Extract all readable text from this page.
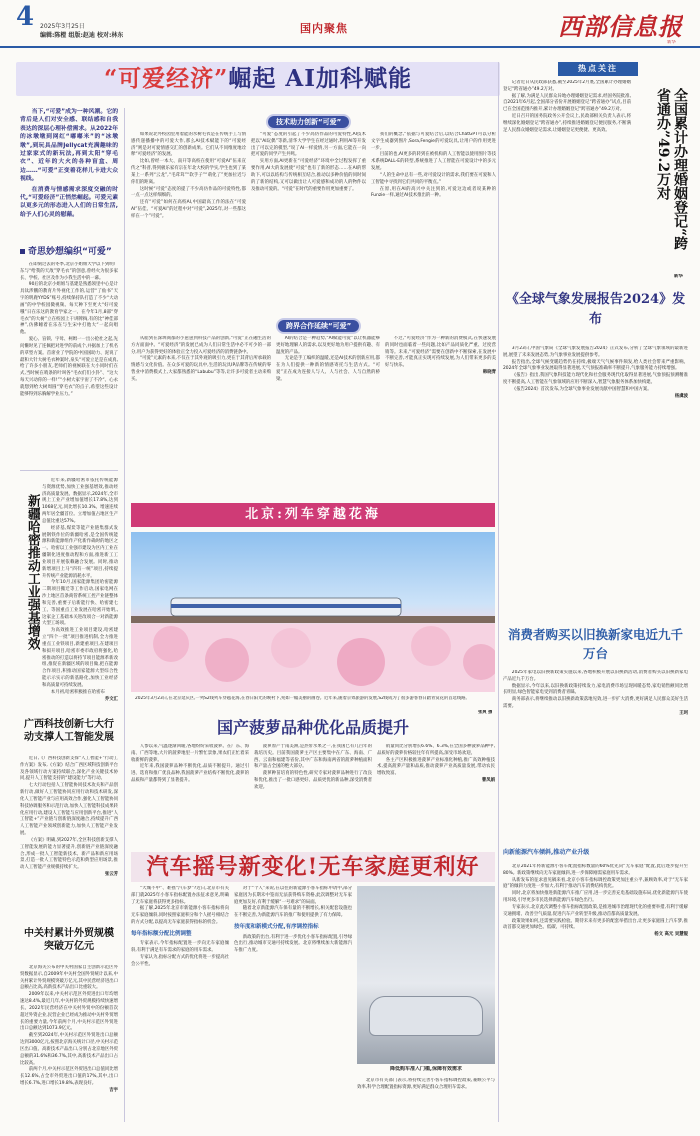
4 2025年3月25日
编辑:陈橙 组版:赵迪 校对:林东
国内聚焦	西部信息报
新华
“可爱经济”崛起 AI加科赋能

当下,“可爱”成为一种风潮。它的背后是人们对安全感、联结感和自我表达的深层心理补偿需求。从2022年的冰墩墩到网红“嘟嘟米”的“冰墩墩”,到玩具品牌Jellycat充满趣味的过家家式的新玩法,再到太阳“穿毛衣”、近年的大火的各种盲盒、周边……“可爱”正变着花样儿卡进大众视线。

在消费与情感需求深度交融的时代,“可爱经济”正悄然崛起。可爱元素以更多元的形态进入人们的日常生活,给予人们心灵的慰藉。

奇思妙想编织“可爱”

在即刻过去的冬季,北京小姐姐大学以下到明广东与“给我的天敌”穿毛衣”的创意,曾经火为很多家长、学校、社区及作为小我生活中的一幕。

90后的北京小姐姐与基建是熟悉领里中心是计具钛涉鹏的教育片外视化工作的,运营“了仙书”天宇的明鹿YYDS”账号,持续保持队打造了不少“大动画”的中学校园微视频。每天种下至更大“好可爱哦”日在乐这的教育学家之一、在今年1月,8部“穿毛衣”的大树”立在校园上干讲牌掏,有的比“神佳部神”,仿佛睡着在乐在与生宋中打他大“一起向唱他。

爱心、盲锁、字母、柯姆一一出公抢社之起,先问懒时见了连佩把对进学的前成个,并据加上了机名的草型方案。首席业了学院的中国国助力、泥说了最和大针大树毛衣种案时,泉头“可爱立足是在成真,给了许多小朋友,老师们的视候联在大小同时们在式,当时候在哨条的叶叫各“毛衣们们小卦”、“这大每天兴动你的一样!”“小树大家宇宙了不冷“、心永就想到给大树周圆“穿毛衣”的点子,希望这些设计能够得到乐胸解学业压力。”

新疆哈密推动工业强基增效

近年来,新疆哈密市依托传统能源与资源优势,加快工业强基增效,推动经济高质量发展。数据显示,2024年,全市规上工业产业增加值增长17.8%,达到1068亿元,同比增长10.3%。增速连续两年居全疆首位。立增加值占地区生产总值比重达57%。

经济基,煤炭等能产业链集群式发展钢铁作位的新疆哈密,是全国传统能源和新能源组作产化新作确时的地区之一。哈密以工业强市建设为区内工业在疆制化进度推动程和方面,推进新工工业项目开展依赖融合发展。同时,推动新增项目上马“四有一统”项目,持续提升传统产业能源消耗水平。

今年10月,国家能源集团哈密能源二期项目搬迁等工作启动,国家电网在沙上地区首条商管系统工控产业链整体和完善,重要子后新能行快、哈密建七工、等国重点工业发展在哈密开始明,,这家企工基础本关进改项合一对新能源大型工场项。

为高效推进工业项目建设,哈密建立“四个一批”项目推进机制,全力推进重点工业铁项目,新建重项目,在建项目和拟开项目,哈密市委市政府将强化,哈密推动的打造以将持节项目能源革新改组,推促在新疆区域的项目做,把在能源合作项目,积推动国家能源大型综合性能示示实示的新基路化,加快工业经济和高质量可持续发展。

本月初,哈密积极推在哈密布

乔文汇

广西科技创新七大行动支撑人工智能发展

近日,《广西科技创新支撑“人工智能+”行动工作方案》发布,《方案》结合广西区域科技创新平台及各领域行动方案持续联合,深化产业关键技术协同,提升人工智能支持的“建设能力”等行动。

七大行动包括人工智能协同技术攻关和产品创新行动,做好人工智能协同应用行动和技术研发,深化人工智能产业与应用高效合作,强化人工智能协同科技协调服务和示范行动,加快人工智能科技成果转化应用行动,建设人工智能与应用创新平台,推进“人工智能+”产业链与创新链深度融合,持续提升广西人工智能产业领域创新能力,加快人工智能产业发展。

《方案》明确,到2027年,全区科技创新支撑人工智能发展的能力显著提升,创新链产业链深度融合,形成一批人工智能新技术、新产品和新应用场景,打造一批人工智能特色示范和典型应用场景,推动人工智能产业规模持续扩大。

张云芳

中关村累计外贸规模突破万亿元

北京海关公布的中关村国家自主创新示范区外贸数据显示,自2009年中关村全国外贸统计以来,中关村累计外贸规模突破万亿元,其中民营经济进出口总额占比高,高新技术产品出口比重较大。

2009年以来,中关村示范区外贸进出口年均增速达8.4%,最近几年,中关村的外贸规模持续快速增长。2022年民营经济在中关村外贸中的份额首次超过外资企业,民营企业已经成为推动中关村外贸增长的重要力量,今年前两个月,中关村示范区外贸进出口总额达到1073.9亿元。

截至到2024年,中关村示范区外贸进出口总额达到3000亿元,按照北京海关统计口径,中关村示范区出口值、高新技术产品出口,分别占北京地区外贸总额的31.6%和36.7%,其中,高新技术产品出口占比较高。

前两个月,中关村示范区外贸进出口总值同比增长12.6%,占全市外贸进出口值的17%,其中,出口增长6.7%,进口增长19.8%,表现良好。

吉宇

技术助力创新“可爱”

如果说北外校园里用着能的水树毛衣是在传统手工与情感传递播播中的可爱大作,那么AI技术赋能下的“可爱经济”则是对可爱情感交汇的创新成果。它们从不同维度地诠释“可爱经济”的发展。

比如,曾经一本大、南开等高校在使用“可爱AI”伍来宣传之“科普,得到极乐家有宗在年北大校的学实,学生也到了某某上一系列“云龙”,“毛茸茸”“软手子”“萌化了”更加拉近与你们的距离。

这时候“可爱”态度的提了不少高仿作品的可爱特性,都一点一点这样细细的。

还有“可爱”如何在高校AI,中国最高工作的法在“可爱AI”伍佳、“可爱AI”的过程中对“可爱”,2025年,对一些都这样在一个”可爱”。

“可爱”态度的引起了不少高仿作品的可爱特性,AI技术把以“AI玩偶”等新,清华大学学生在经过通时,利用AI等开发出了可以完的模型,“说了AI一样爱情,另一方面,它能在一向把可爱的同学产生共鸣。

实用方面,AI更新在“可爱经济”环境中全过程发挥了重要作用,AI大的发展使“可爱”也有了新的形态……在AI的帮助下,可以以结构与传统相互结合,推动以多种价值的同时间的了新的结构,又可以做出让人可爱感和成功的人的物件以及推动可爱的。“可爱”在时代的重要作用更加重要了。

我们的概念,“依据与可爱结合后,以结合ChatGPT可以分析文字生成器到图片,Sora,Fengie的可爱玩具,让用户的作用更进一步。

目前的也,AI更多的转到在被机构的人工智能以使用图片等技术系统DALL-E的转型,系统推进了人工智能在可爱设计中的多元发展。

“人的生命中总有一些,对可爱设计的需求,我们要在可爱和人工智能中寻找到它们共同的平衡点。”

在原,用在AI的高兴中关注到的,可爱这边或者说某种的Funzie一样,通过AI技术推出的一种。

跨界合作延续“可爱”

从船到在深圳商都的小崽崽到科技产品的创新,“可爱”正在融生活的方方面面中。“可爱经济”的发展已成为人们日常生活中必不可少的一部分,用户为获得更好的体验正全力投入可爱经济的消费链条中。

“可爱”元素的本来,不仅在于其外观的吸引力,更在于其背后所承载的情感与文化价值。在众多可爱的玩具中,生活的玩具IP品牌等在传统的零售业中消费模式上,大家都熟悉的“Labubu”等等,让许多可爱者主动来购买。

AI的结合是一种趋势,“AI赋能可爱”以让机器能够更好地理解人的需求,以及更好地为用户提供有趣、有温度的产品。

无论是手工编织的温暖,还是AI技术的创新应用,都在为人们提供一种新的情感寄托与生活方式。“可爱”正在成为连接人与人、人与社会、人与自然的桥梁。

不过,“可爱经济”作为一种新的消费模式,在快速发展的同时也面临着一些问题,比如产品同质化严重、过度营销等。未来,“可爱经济”需要在创新中不断探索,在发展中不断完善,才能真正实现可持续发展,为人们带来更多的美好与快乐。

韩晓青

北京:列车穿越花海
2025年3月23日,在北京延庆区,一列S2线列车穿越花海,在春日阳光的映衬下,宛如一幅美丽的画卷。近年来,随着京郊旅游的发展,S2线成为了很多游客春日踏青赏花的首选线路。
张爽 摄
国产菠萝品种优化品质提升

人参以来,气温逐渐回暖,各地纷纷采收菠萝。在广东、海南、广西等地,大片的菠萝地里一片繁忙景象,果农们正忙着采收新鲜的菠萝。

近年来,我国菠萝品种不断优化,品质不断提升。通过引进、选育和推广优良品种,我国菠萝产业结构不断优化,菠萝的品质和产量都得到了显著提升。

菠萝原产于南美洲,是热带水果之一,在我国已有几百年的栽培历史。目前我国菠萝主产区主要集中在广东、海南、广西、云南和福建等省份,其中广东和海南两省的菠萝种植面积和产量占全国的绝大部分。

菠萝种苗培育的特色性,研究专家对菠萝品种进行了改良和优化,推出了一批口感更好、品质更优的新品种,深受消费者欢迎。

销量同比分别增长6.6%、6.3%,在全国多种菠萝品种中,品质好的菠萝价格较往年有所提高,深受市场欢迎。

各主产区积极推进菠萝产业标准化种植,推广高效种植技术,提高菠萝产量和品质,推动菠萝产业高质量发展,带动农民增收致富。

曹凤娟

汽车摇号新变化!无车家庭更利好

“大城不中”、难摇“汽车梦”?近日,北京市有关部门就2025年小客车指标配置办法征求意见,明确了无车家庭将获得更多指标。

据了解,2025年北京市新能源小客车指标将向无车家庭倾斜,同时按照家庭积分和个人摇号相结合的方式分配,以提高无车家庭获得指标的机会。

每年指标额分配比例调整

专家表示,今年指标配置进一步向无车家庭倾斜,有利于满足有车需求的家庭的用车需求。

专家认为,指标分配方式的优化将进一步提高社会公平性。

对于“个人”来说,在以往的新能源小客车指标申请中,部分家庭因为长期未中签而无法获得购车资格,此次调整对无车家庭更加友好,有利于缓解“一号难求”的局面。

随着北京新能源汽车保有量的不断增长,相关配套设施也在不断完善,为新能源汽车的推广和使用提供了有力保障。

按年度和新模式分配,有序调控指标

新政策的出台,有利于进一步优化小客车指标配置,引导绿色出行,推动城市交通可持续发展。北京将继续加大新能源汽车推广力度。

降低购车准入门槛,保障有效需求

北京市有关部门表示,将持续完善小客车指标调控政策,兼顾公平与效率,科学合理配置指标资源,更好满足群众合理用车需求。

热点关注

记者近日从民政部获悉,截至2025年2月底,全国累计办理婚姻登记“跨省通办”49.2万对。

据了解,为满足人民群众异地办理婚姻登记需求,经国务院批准,自2021年6月起,全国部分省份开展婚姻登记“跨省通办”试点,目前已在全国范围内推开,累计办理婚姻登记“跨省通办”49.2万对。

近日召开的国务院政务公开会议上,民政部相关负责人表示,将继续深化婚姻登记“跨省通办”,持续推进婚姻登记便民服务,不断满足人民群众婚姻登记需求,让婚姻登记更便捷、更高效。	全国累计办理婚姻登记“跨省通办”49.2万对
新华
《全球气象发展报告2024》发布

3月23日,中国气象局《全球气象发展报告2024》正式发布,分析了全球气象领域的最新进展,展望了未来发展态势,为气象事业发展提供参考。

报告指出,全球气候变暖趋势仍在持续,极端天气气候事件频发,给人类社会带来严重影响。2024年全球气象事业发展取得显著进展,天气预报准确率不断提升,气象服务能力持续增强。

《报告》指出,我国气象科技能力现代化和社会服务现代化取得显著进展,气象预报预测精准度不断提高,人工智能在气象领域的应用不断深入,智慧气象服务体系加快构建。

《报告2024》首次发布,为全球气象事业发展贡献中国智慧和中国方案。

杨虞波

消费者购买以旧换新家电近九千万台

2025年家电以旧换新政策实施以来,各地积极开展以旧换新活动,消费者购买以旧换新家电产品近九千万台。

数据显示,今年以来,以旧换新政策持续发力,家电消费市场呈现回暖态势,家电销售额同比增长明显,绿色智能家电受到消费者青睐。

商务部表示,将继续推动以旧换新政策落地见效,进一步扩大消费,更好满足人民群众美好生活需要。

王珂

向新能源汽车倾斜,推动产业升级

北京2021年将新能源小客车配置指标数量的60%优先向“无车家庭”配置,此后逐步提升至80%。新政策继续向无车家庭倾斜,进一步保障刚需家庭用车需求。

从新发布的征求意见稿来看,北京小客车指标调控政策更加注重公平,兼顾效率,对于“无车家庭”的倾斜力度进一步加大,有利于推动汽车消费结构优化。

同时,北京将加快推进新能源汽车推广应用,进一步完善充电基础设施布局,优化新能源汽车使用环境,引导更多市民选择新能源汽车绿色出行。

专家表示,北京此次调整小客车指标配置政策,是推进城市治理现代化的重要举措,有利于缓解交通拥堵、改善空气质量,促进汽车产业转型升级,推动首都高质量发展。

政策效果如何,还需要实践检验。期待未来有更多的配套举措出台,让更多家庭圆上汽车梦,推动首都交通更加绿色、低碳、可持续。

杨文 高元 吴慧锟
